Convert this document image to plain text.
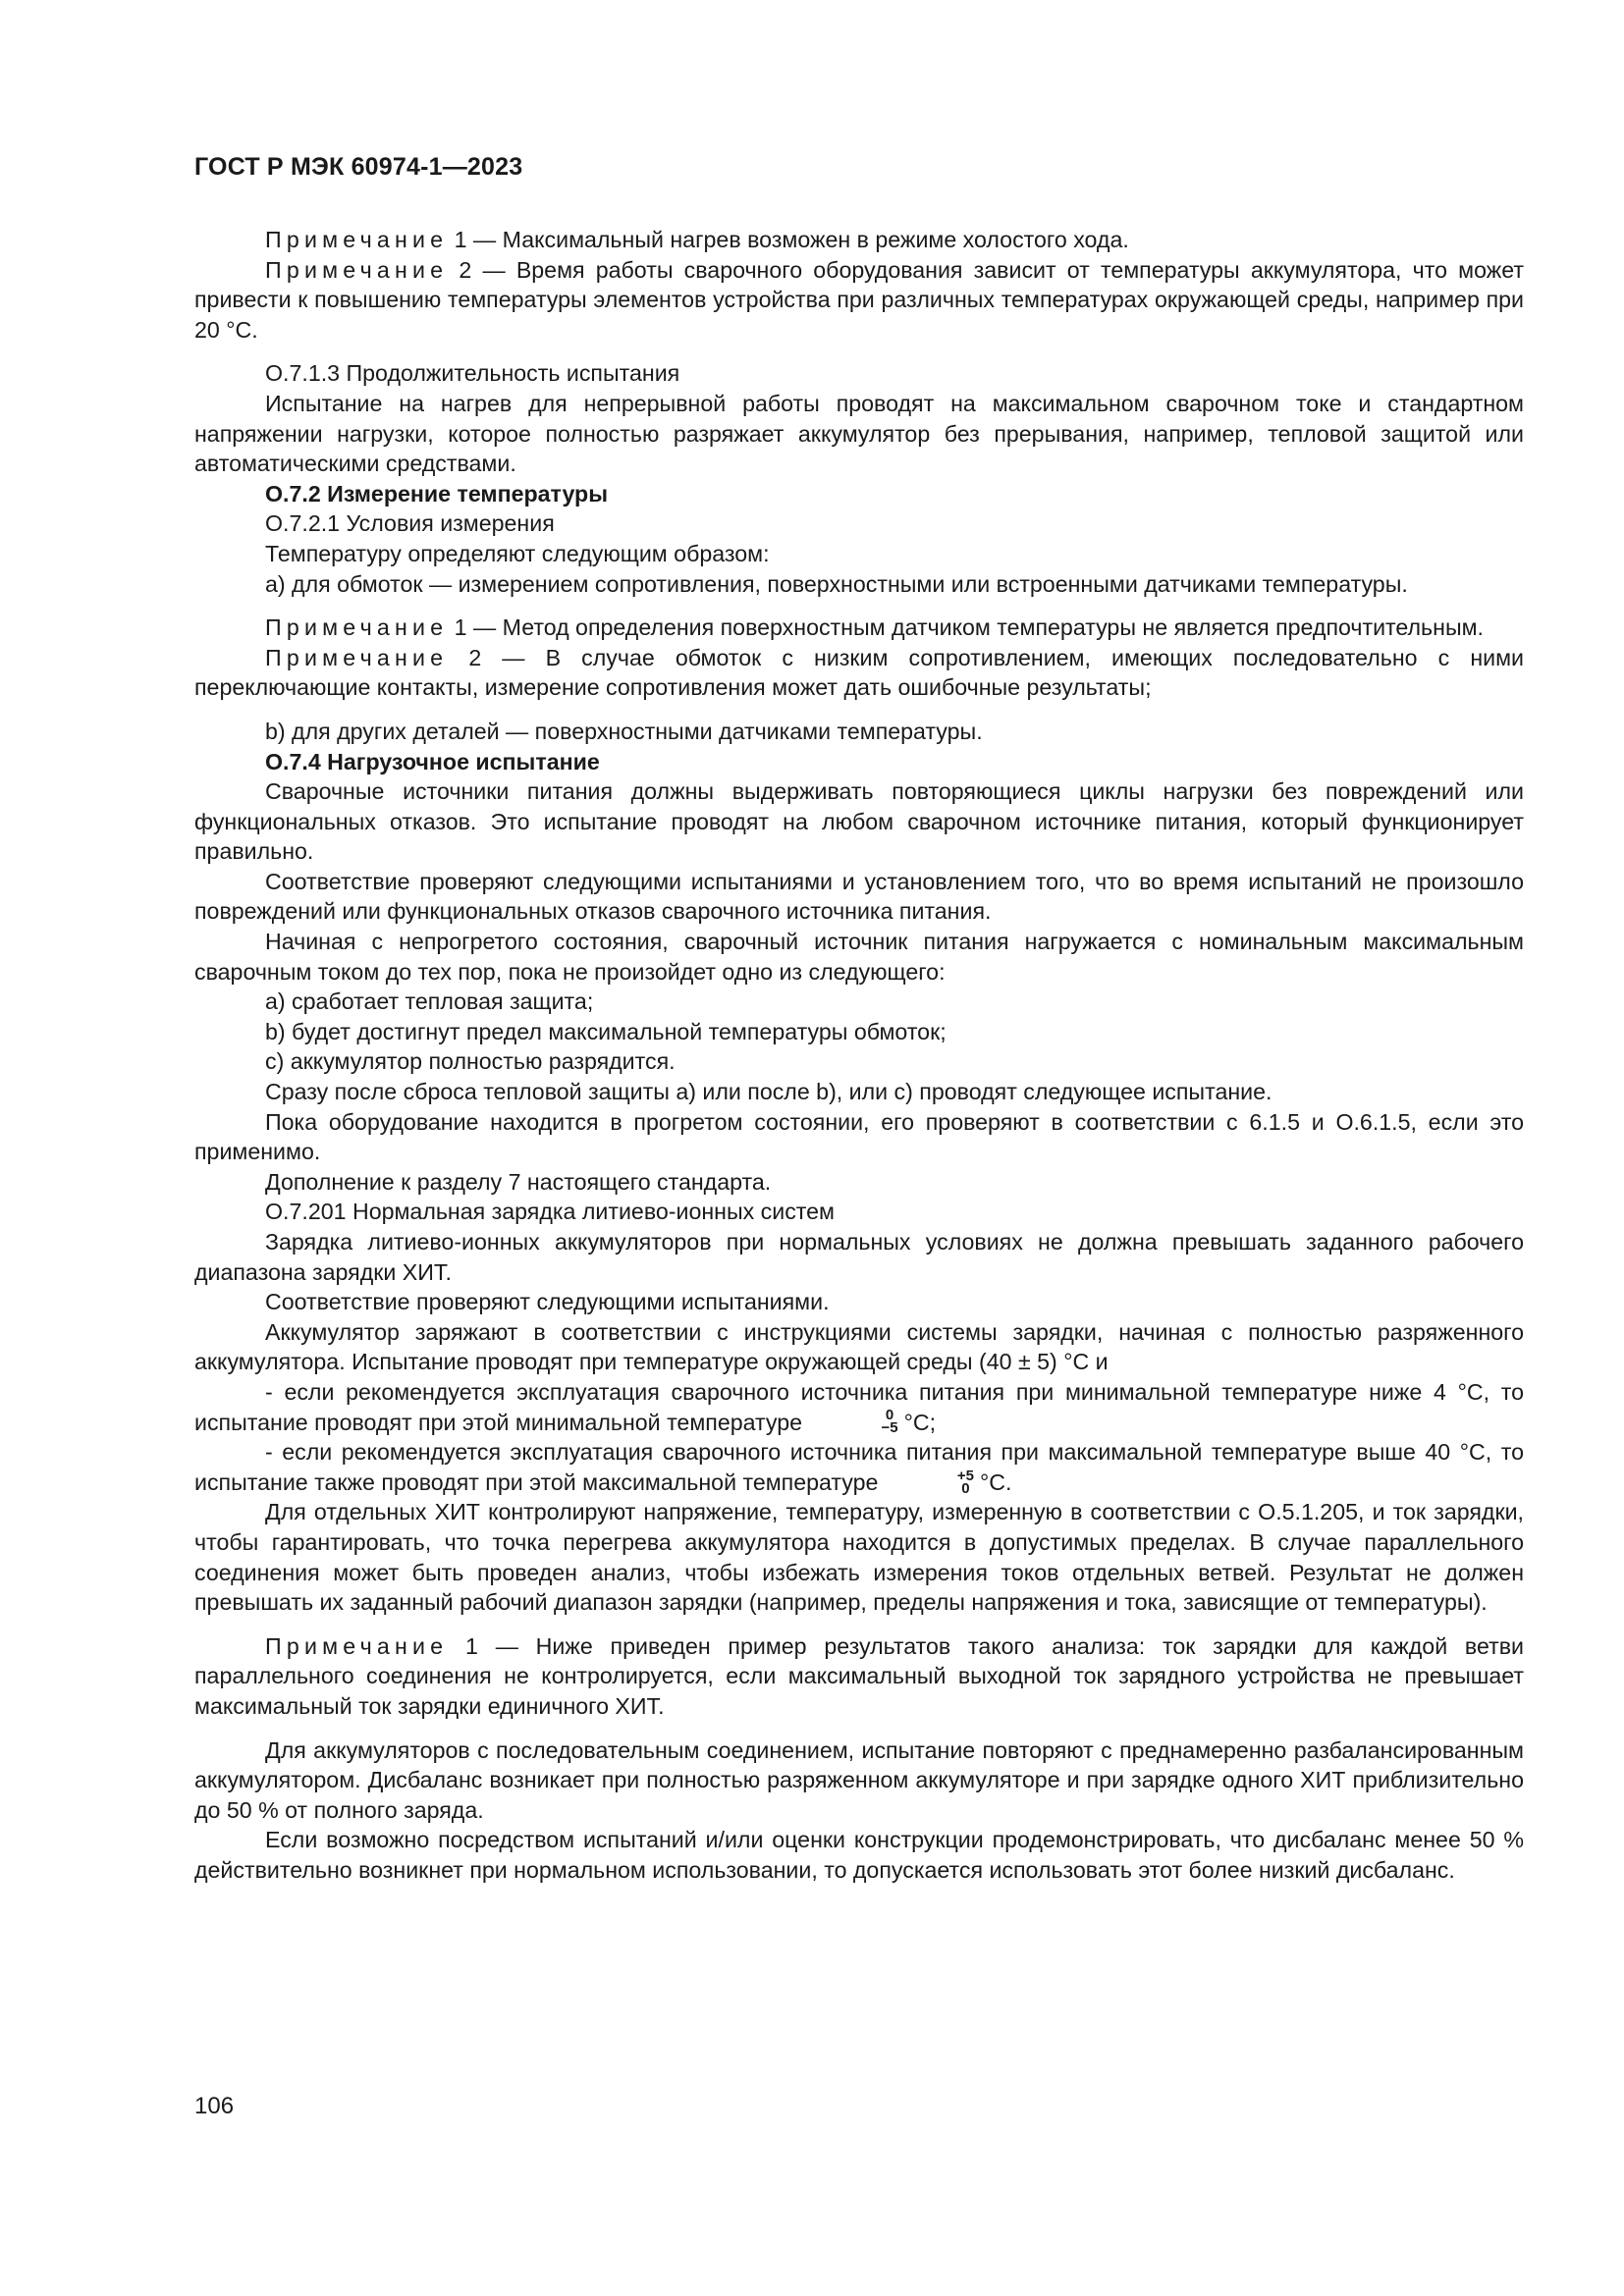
ГОСТ Р МЭК 60974-1—2023

Примечание 1 — Максимальный нагрев возможен в режиме холостого хода.

Примечание 2 — Время работы сварочного оборудования зависит от температуры аккумулятора, что может привести к повышению температуры элементов устройства при различных температурах окружающей среды, например при 20 °С.

О.7.1.3 Продолжительность испытания

Испытание на нагрев для непрерывной работы проводят на максимальном сварочном токе и стандартном напряжении нагрузки, которое полностью разряжает аккумулятор без прерывания, например, тепловой защитой или автоматическими средствами.

О.7.2 Измерение температуры

О.7.2.1 Условия измерения

Температуру определяют следующим образом:

а) для обмоток — измерением сопротивления, поверхностными или встроенными датчиками температуры.

Примечание 1 — Метод определения поверхностным датчиком температуры не является предпочтительным.

Примечание 2 — В случае обмоток с низким сопротивлением, имеющих последовательно с ними переключающие контакты, измерение сопротивления может дать ошибочные результаты;

b) для других деталей — поверхностными датчиками температуры.

О.7.4 Нагрузочное испытание

Сварочные источники питания должны выдерживать повторяющиеся циклы нагрузки без повреждений или функциональных отказов. Это испытание проводят на любом сварочном источнике питания, который функционирует правильно.

Соответствие проверяют следующими испытаниями и установлением того, что во время испытаний не произошло повреждений или функциональных отказов сварочного источника питания.

Начиная с непрогретого состояния, сварочный источник питания нагружается с номинальным максимальным сварочным током до тех пор, пока не произойдет одно из следующего:

а) сработает тепловая защита;

b) будет достигнут предел максимальной температуры обмоток;

с) аккумулятор полностью разрядится.

Сразу после сброса тепловой защиты а) или после b), или с) проводят следующее испытание.

Пока оборудование находится в прогретом состоянии, его проверяют в соответствии с 6.1.5 и О.6.1.5, если это применимо.

Дополнение к разделу 7 настоящего стандарта.

О.7.201 Нормальная зарядка литиево-ионных систем

Зарядка литиево-ионных аккумуляторов при нормальных условиях не должна превышать заданного рабочего диапазона зарядки ХИТ.

Соответствие проверяют следующими испытаниями.

Аккумулятор заряжают в соответствии с инструкциями системы зарядки, начиная с полностью разряженного аккумулятора. Испытание проводят при температуре окружающей среды (40 ± 5) °С и

- если рекомендуется эксплуатация сварочного источника питания при минимальной температуре ниже 4 °С, то испытание проводят при этой минимальной температуре	0
−5 °С;

- если рекомендуется эксплуатация сварочного источника питания при максимальной температуре выше 40 °С, то испытание также проводят при этой максимальной температуре	+5
0 °С.

Для отдельных ХИТ контролируют напряжение, температуру, измеренную в соответствии с О.5.1.205, и ток зарядки, чтобы гарантировать, что точка перегрева аккумулятора находится в допустимых пределах. В случае параллельного соединения может быть проведен анализ, чтобы избежать измерения токов отдельных ветвей. Результат не должен превышать их заданный рабочий диапазон зарядки (например, пределы напряжения и тока, зависящие от температуры).

Примечание 1 — Ниже приведен пример результатов такого анализа: ток зарядки для каждой ветви параллельного соединения не контролируется, если максимальный выходной ток зарядного устройства не превышает максимальный ток зарядки единичного ХИТ.

Для аккумуляторов с последовательным соединением, испытание повторяют с преднамеренно разбалансированным аккумулятором. Дисбаланс возникает при полностью разряженном аккумуляторе и при зарядке одного ХИТ приблизительно до 50 % от полного заряда.

Если возможно посредством испытаний и/или оценки конструкции продемонстрировать, что дисбаланс менее 50 % действительно возникнет при нормальном использовании, то допускается использовать этот более низкий дисбаланс.

106
